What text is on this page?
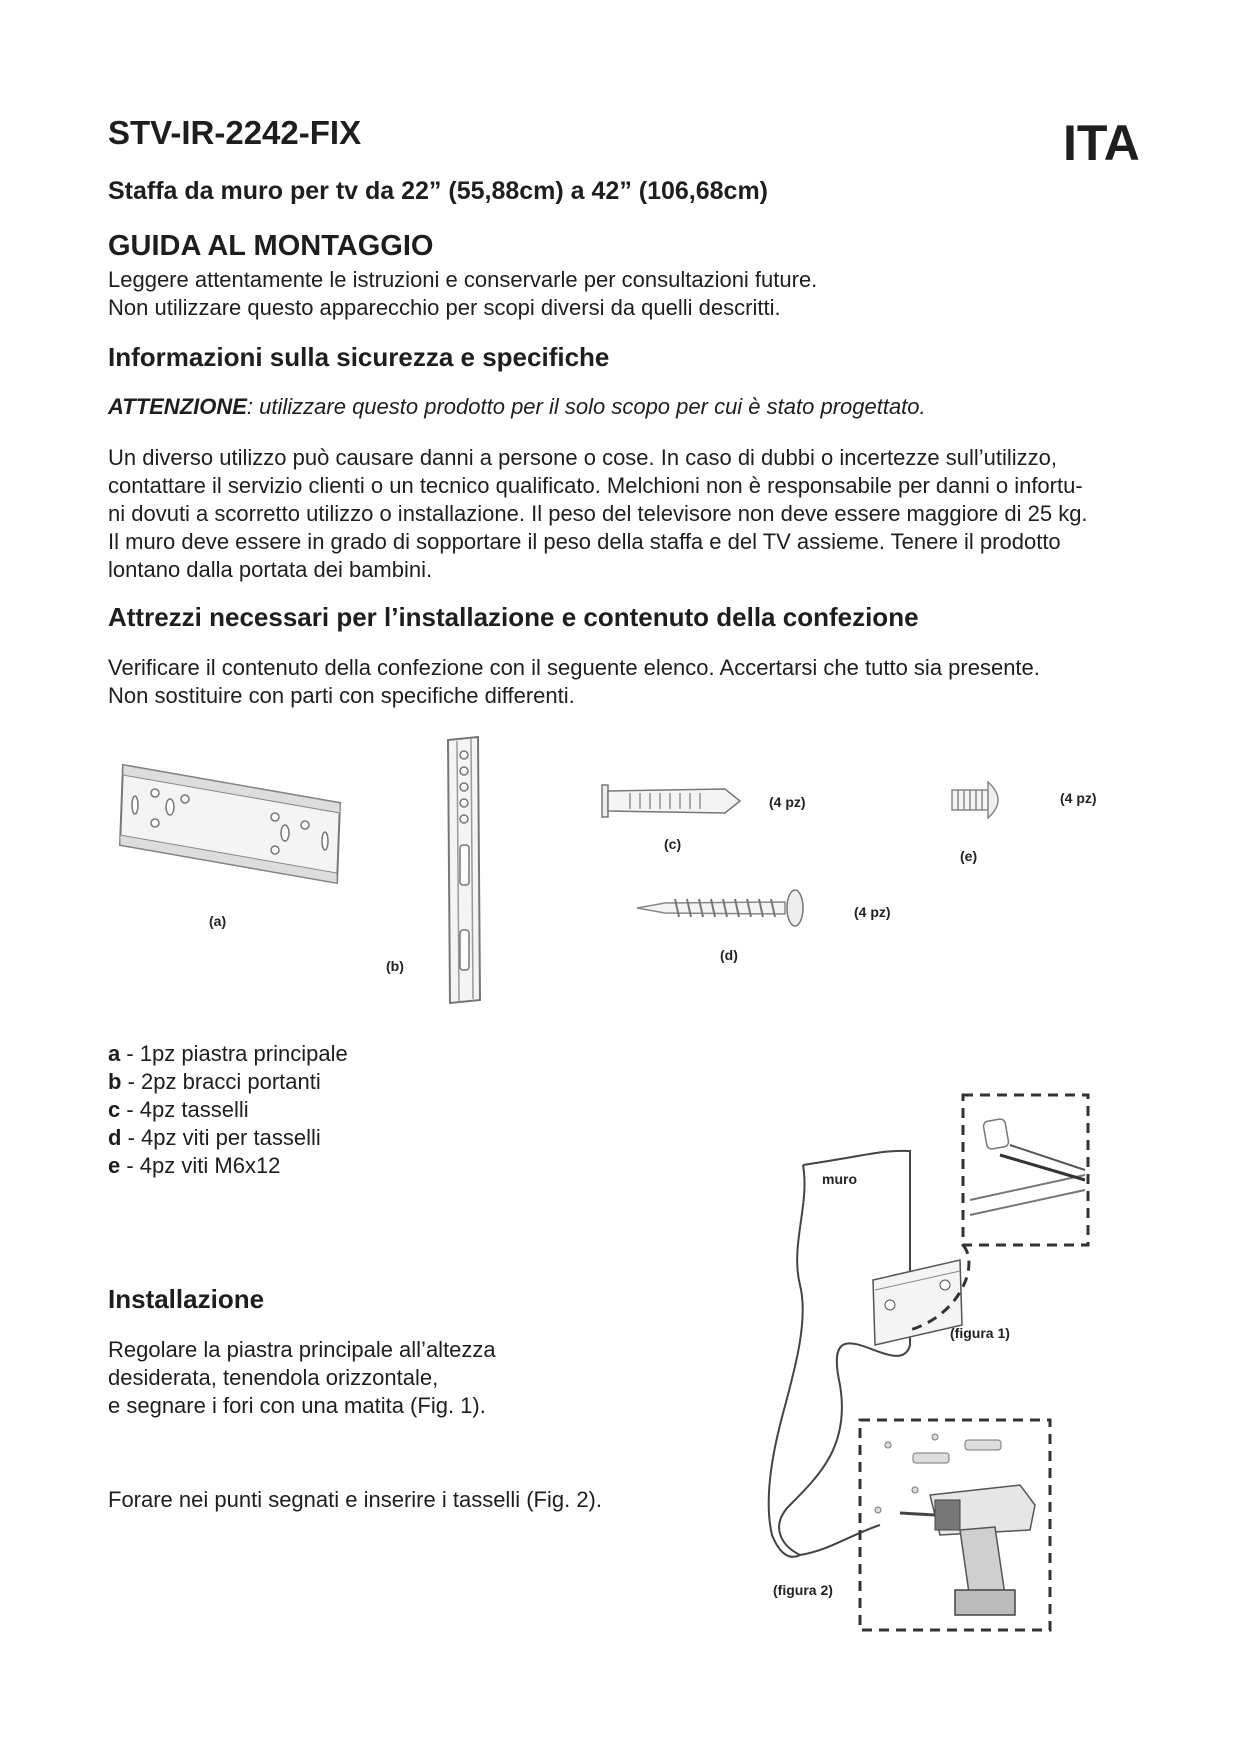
STV-IR-2242-FIX	ITA
Staffa da muro per tv da 22” (55,88cm) a 42” (106,68cm)
GUIDA AL MONTAGGIO

Leggere attentamente le istruzioni e conservarle per consultazioni future.

Non utilizzare questo apparecchio per scopi diversi da quelli descritti.

Informazioni sulla sicurezza e specifiche
ATTENZIONE: utilizzare questo prodotto per il solo scopo per cui è stato progettato.

Un diverso utilizzo può causare danni a persone o cose. In caso di dubbi o incertezze sull’utilizzo,

contattare il servizio clienti o un tecnico qualificato. Melchioni non è responsabile per danni o infortu-

ni dovuti a scorretto utilizzo o installazione. Il peso del televisore non deve essere maggiore di 25 kg.

Il muro deve essere in grado di sopportare il peso della staffa e del TV assieme. Tenere il prodotto

lontano dalla portata dei bambini.

Attrezzi necessari per l’installazione e contenuto della confezione

Verificare il contenuto della confezione con il seguente elenco. Accertarsi che tutto sia presente.

Non sostituire con parti con specifiche differenti.

(a)
(b)
(4 pz)
(c)
(4 pz)
(d)
(4 pz)
(e)
a - 1pz piastra principale
b - 2pz bracci portanti
c - 4pz tasselli
d - 4pz viti per tasselli
e - 4pz viti M6x12
Installazione

Regolare la piastra principale all’altezza

desiderata, tenendola orizzontale,

e segnare i fori con una matita (Fig. 1).

Forare nei punti segnati e inserire i tasselli (Fig. 2).

muro
(figura 1)
(figura 2)
